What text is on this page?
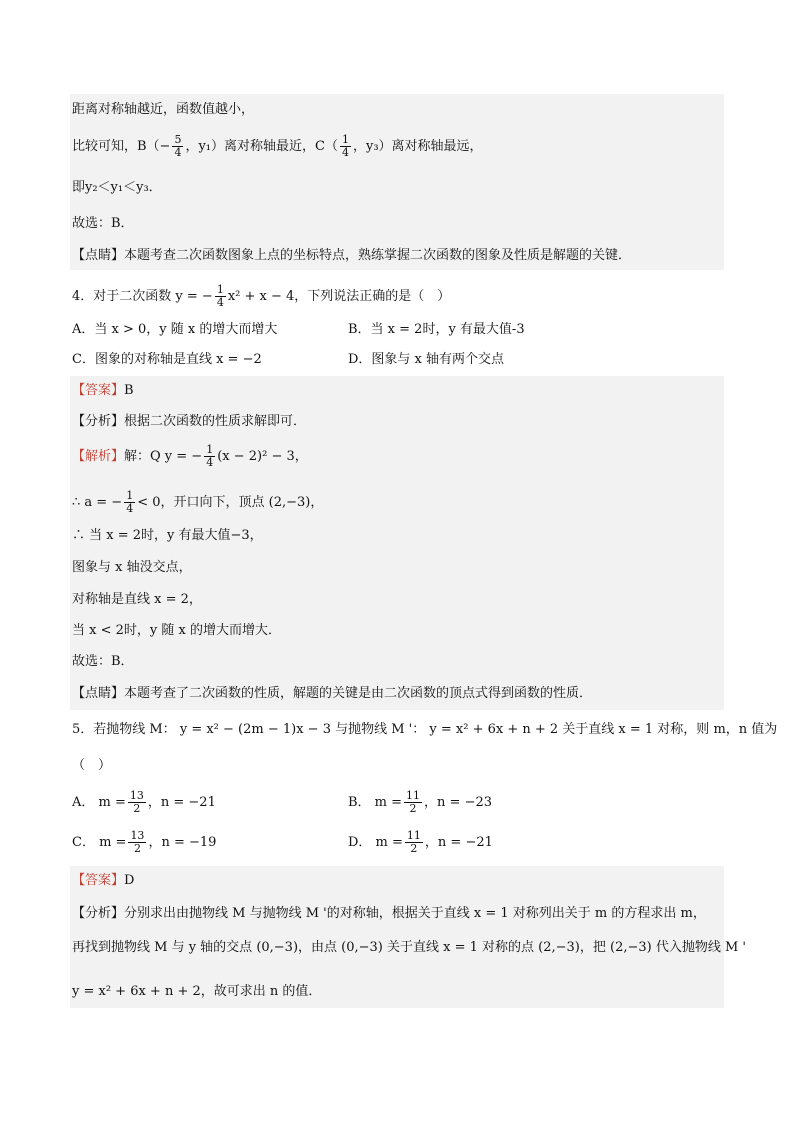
距离对称轴越近，函数值越小，
比较可知，$B(- \frac{5}{4}$ ，y₁）离对称轴最近，$C( \frac{1}{4}$ ，y₃）离对称轴最远，
即y₂＜y₁＜y₃．
故选：B．
【点睛】本题考查二次函数图象上点的坐标特点，熟练掌握二次函数的图象及性质是解题的关键．
4．对于二次函数 y = − $\frac{1}{4} x^2 + x - 4$，下列说法正确的是（　）
A．当 x > 0，y 随 x 的增大而增大	B．当 x = 2时，y 有最大值-3
C．图象的对称轴是直线 x = −2	D．图象与 x 轴有两个交点
【答案】B
【分析】根据二次函数的性质求解即可．
【解析】解：Q y = − $\frac{1}{4} (x - 2)^2 - 3$，
∴ a = − $\frac{1}{4} < 0$，开口向下，顶点 (2,−3)，
∴ 当 x = 2时，y 有最大值−3，
图象与 x 轴没交点，
对称轴是直线 x = 2，
当 x < 2时，y 随 x 的增大而增大．
故选：B．
【点睛】本题考查了二次函数的性质，解题的关键是由二次函数的顶点式得到函数的性质．
5．若抛物线 M： y = x² − (2m − 1)x − 3 与抛物线 M '： y = x² + 6x + n + 2 关于直线 x = 1 对称，则 m，n 值为
（　）
A． $m = \frac{13}{2}$ ，n = −21	B． $m = \frac{11}{2}$ ，n = −23
C． $m = \frac{13}{2}$ ，n = −19	D． $m = \frac{11}{2}$ ，n = −21
【答案】D
【分析】分别求出由抛物线 M 与抛物线 M '的对称轴，根据关于直线 x = 1 对称列出关于 m 的方程求出 m，
再找到抛物线 M 与 y 轴的交点 (0,−3)，由点 (0,−3) 关于直线 x = 1 对称的点 (2,−3)，把 (2,−3) 代入抛物线 M '
y = x² + 6x + n + 2，故可求出 n 的值．
